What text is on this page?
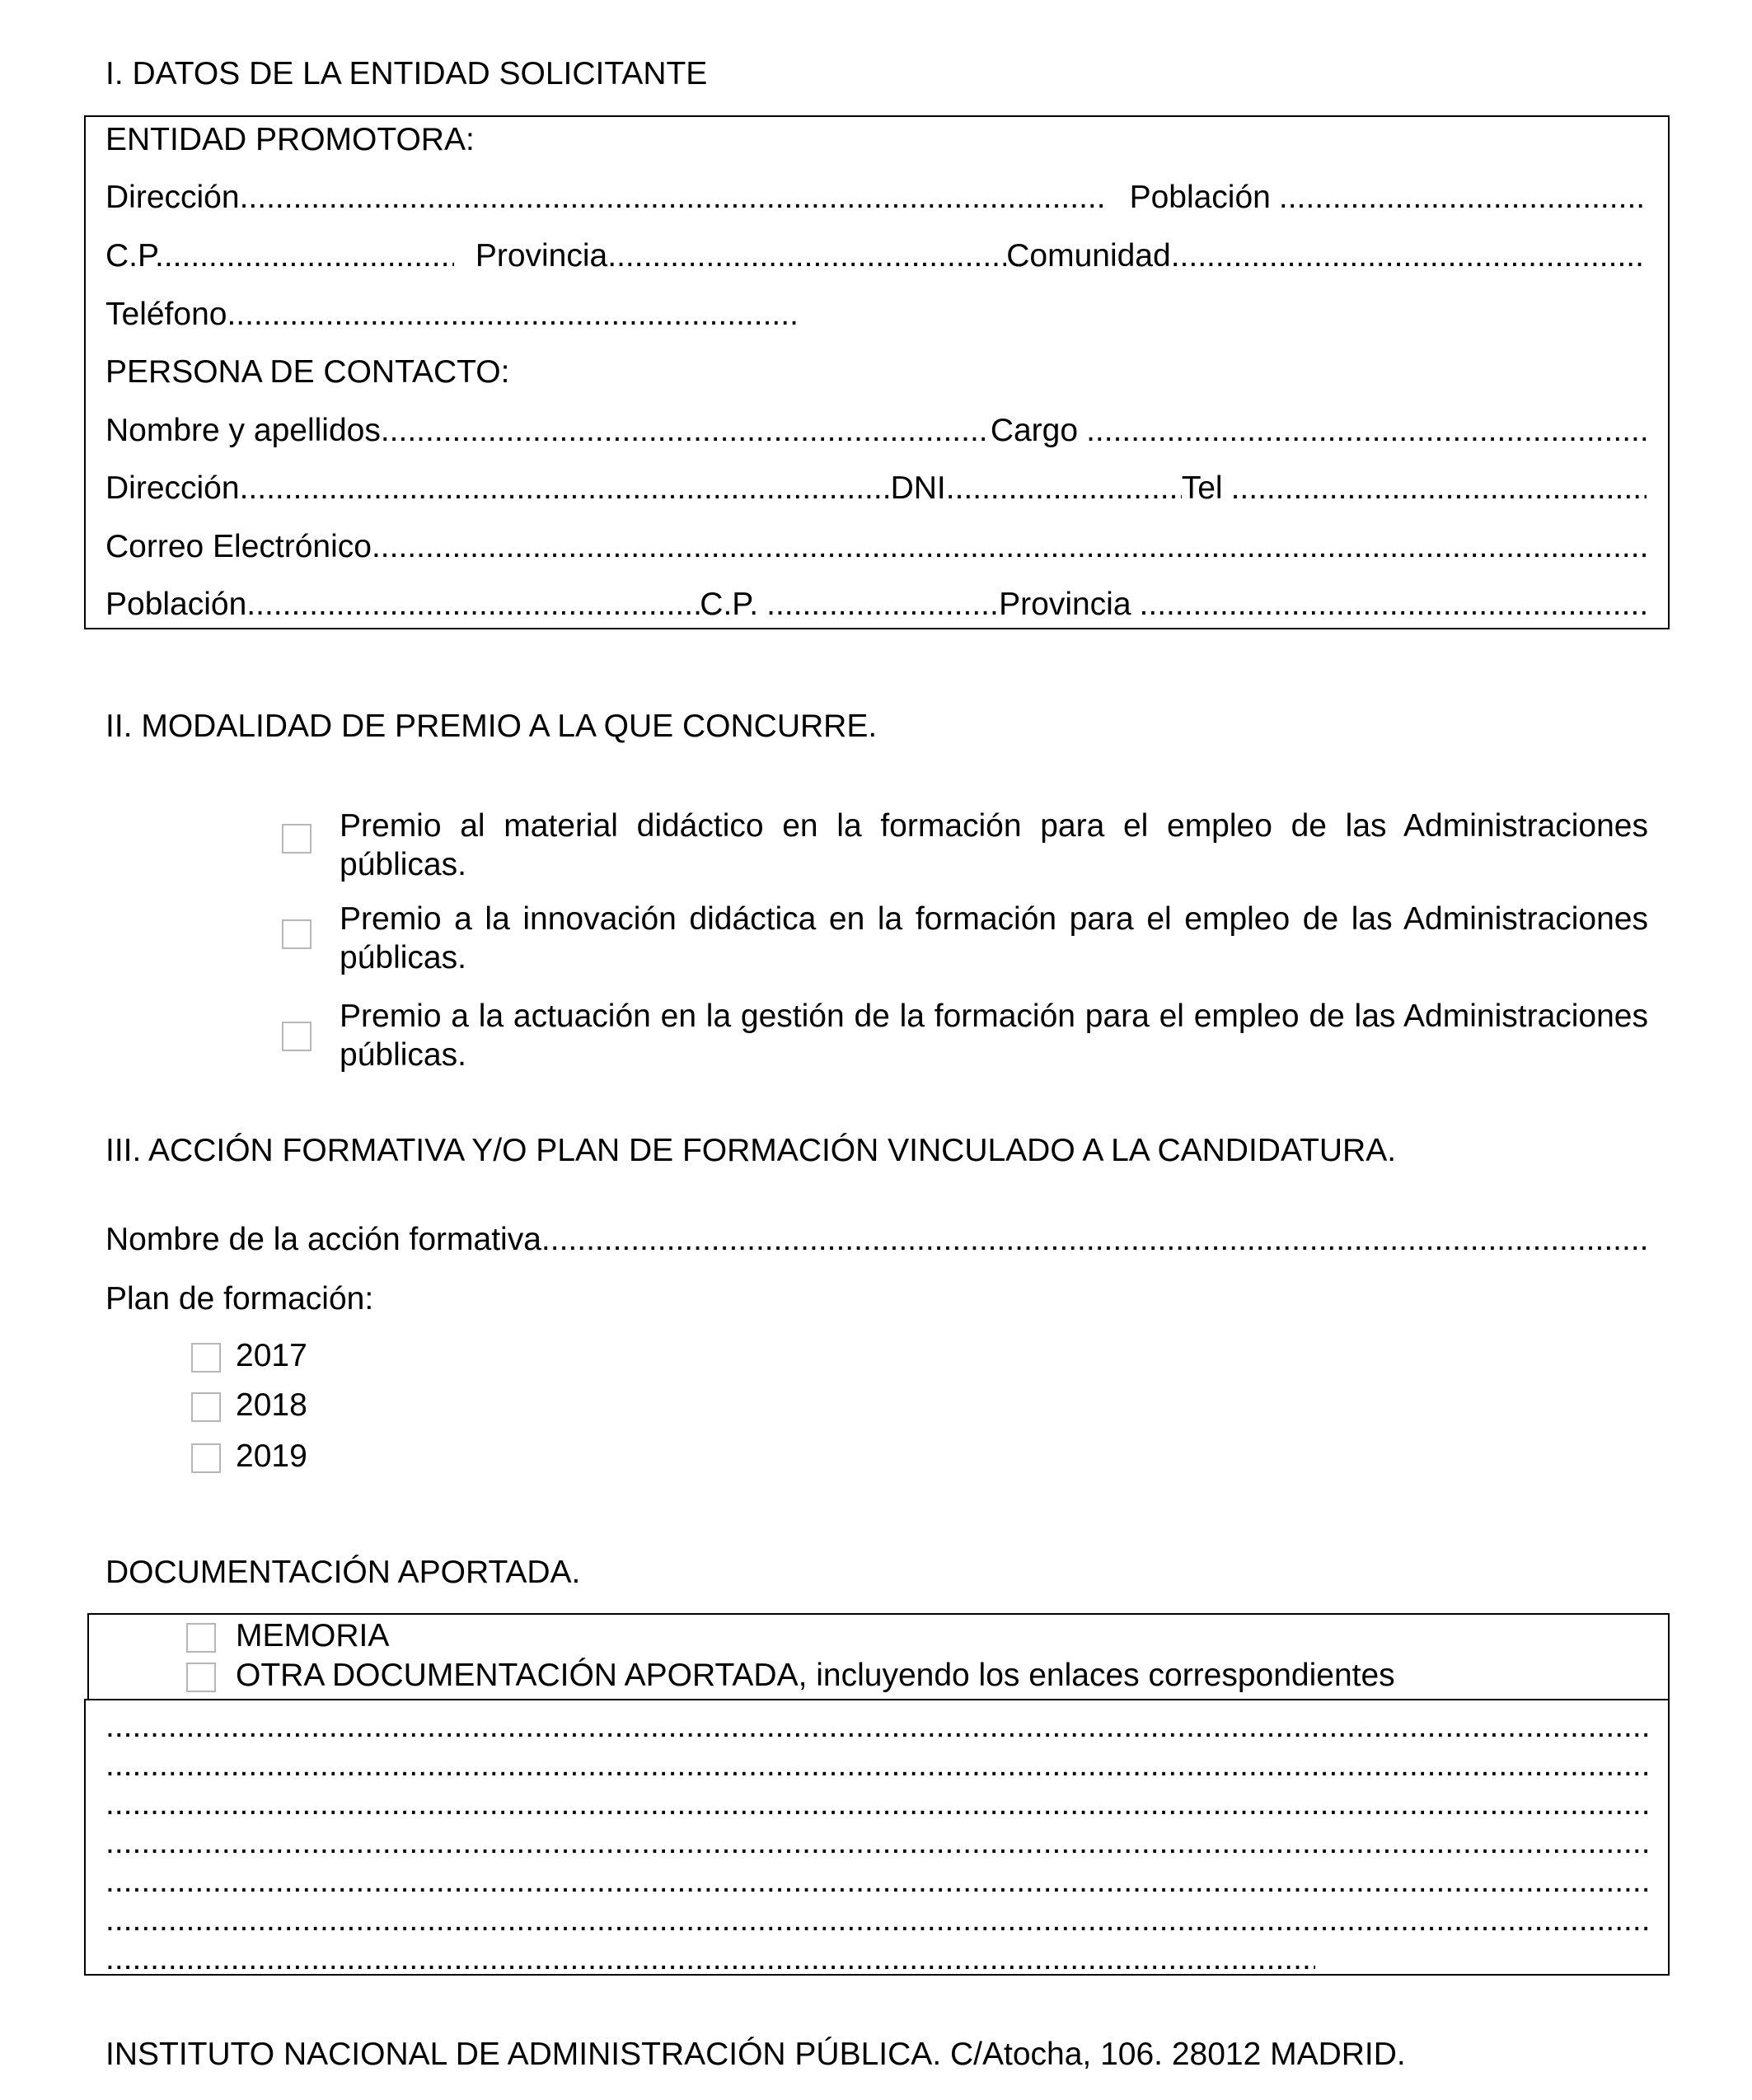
I. DATOS DE LA ENTIDAD SOLICITANTE
ENTIDAD PROMOTORA:
Dirección .....	Población
.....
C.P. .....	Provincia .....	Comunidad
.....
Teléfono
.....
PERSONA DE CONTACTO:
Nombre y apellidos .....	Cargo
.....
Dirección .....	DNI .....	Tel
.....
Correo Electrónico
.....
Población .....	C.P. .....	Provincia
.....
II. MODALIDAD DE PREMIO A LA QUE CONCURRE.
Premio al material didáctico en la formación para el empleo de las Administraciones públicas.
Premio a la innovación didáctica en la formación para el empleo de las Administraciones públicas.
Premio a la actuación en la gestión de la formación para el empleo de las Administraciones públicas.
III. ACCIÓN FORMATIVA Y/O PLAN DE FORMACIÓN VINCULADO A LA CANDIDATURA.
Nombre de la acción formativa
.....
Plan de formación:
2017
2018
2019
DOCUMENTACIÓN APORTADA.
MEMORIA
OTRA DOCUMENTACIÓN APORTADA, incluyendo los enlaces correspondientes
.....
.....
.....
.....
.....
.....
.....
INSTITUTO NACIONAL DE ADMINISTRACIÓN PÚBLICA. C/Atocha, 106. 28012 MADRID.
